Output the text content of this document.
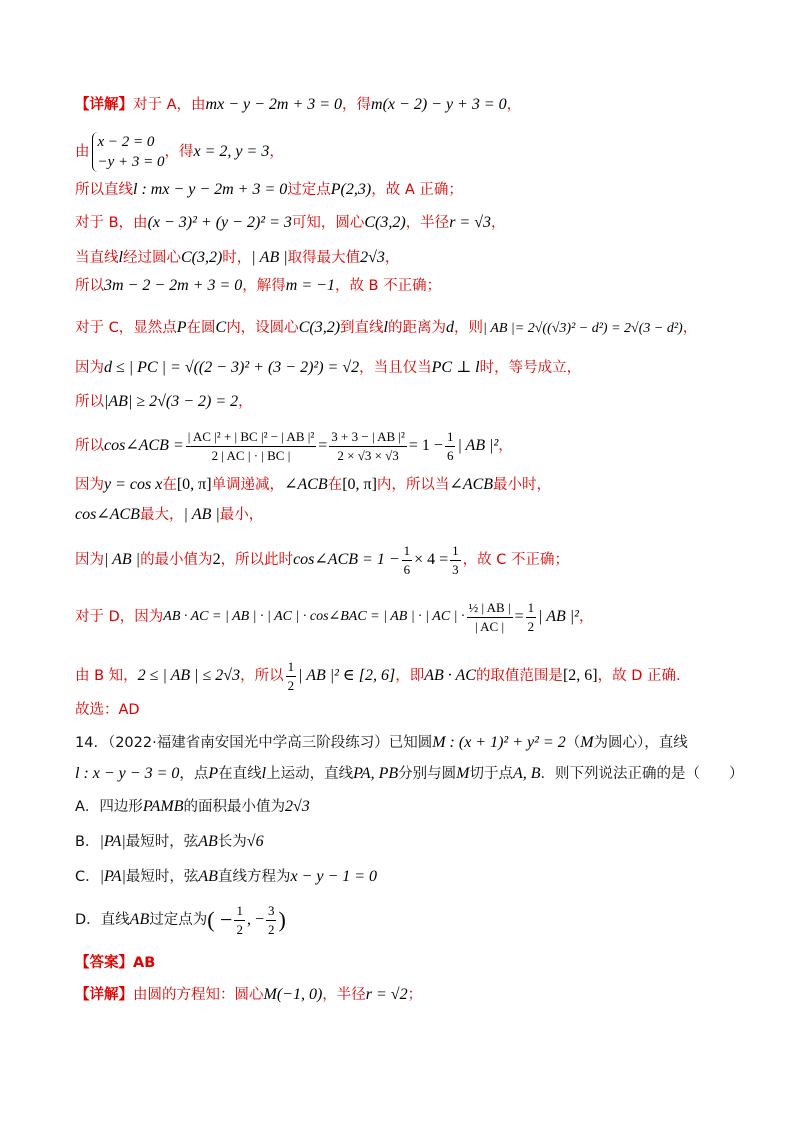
【详解】对于 A，由mx − y − 2m + 3 = 0，得m(x − 2) − y + 3 = 0，
由
x − 2 = 0
−y + 3 = 0
，得 x = 2, y = 3 ，
所以直线l : mx − y − 2m + 3 = 0过定点P(2,3)，故 A 正确；
对于 B，由(x − 3)² + (y − 2)² = 3可知，圆心C(3,2)，半径r = √3，
当直线l经过圆心C(3,2)时，| AB |取得最大值2√3，
所以3m − 2 − 2m + 3 = 0，解得m = −1，故 B 不正确；
对于 C，显然点P在圆C内，设圆心C(3,2)到直线l的距离为d，则| AB |= 2√((√3)² − d²) = 2√(3 − d²)，
因为d ≤ | PC | = √((2 − 3)² + (3 − 2)²) = √2，当且仅当PC ⊥ l时，等号成立，
所以|AB| ≥ 2√(3 − 2) = 2，
所以 cos∠ACB = $\frac{\text{| AC |² + | BC |² − | AB |²}}{2 | AC | \cdot | BC |} = \frac{\text{3 + 3 − | AB |²}}{2 \times √3 \times √3} = 1 - \frac{1}{6}$ | AB |² ，
因为y = cos x在[0, π]单调递减，∠ACB在[0, π]内，所以当∠ACB最小时，
cos∠ACB最大，| AB |最小，
因为 | AB | 的最小值为 2 ，所以此时 cos∠ACB = $1 - \frac{1}{6} \times 4 = \frac{1}{3}$ ，故 C 不正确；
对于 D，因为 AB · AC = | AB | · | AC | · cos∠BAC = | AB | · | AC | · $\frac{\text{½ | AB |}}{| AC |} = \frac{1}{2}$ | AB |² ，
由 B 知， 2 ≤ | AB | ≤ 2√3 ，所以 $\frac{1}{2}$ | AB |² ∈ [2, 6] ，即 AB · AC 的取值范围是 [2, 6] ，故 D 正确.
故选：AD
14．（2022·福建省南安国光中学高三阶段练习）已知圆M : (x + 1)² + y² = 2（M为圆心），直线
l : x − y − 3 = 0，点P在直线l上运动，直线PA, PB分别与圆M切于点A, B．则下列说法正确的是（　　）
A．四边形PAMB的面积最小值为2√3
B．|PA|最短时，弦AB长为√6
C．|PA|最短时，弦AB直线方程为x − y − 1 = 0
D．直线 AB 过定点为 ( − $\frac{1}{2}$ , − $\frac{3}{2}$ )
【答案】AB
【详解】由圆的方程知：圆心M(−1, 0)，半径r = √2；
